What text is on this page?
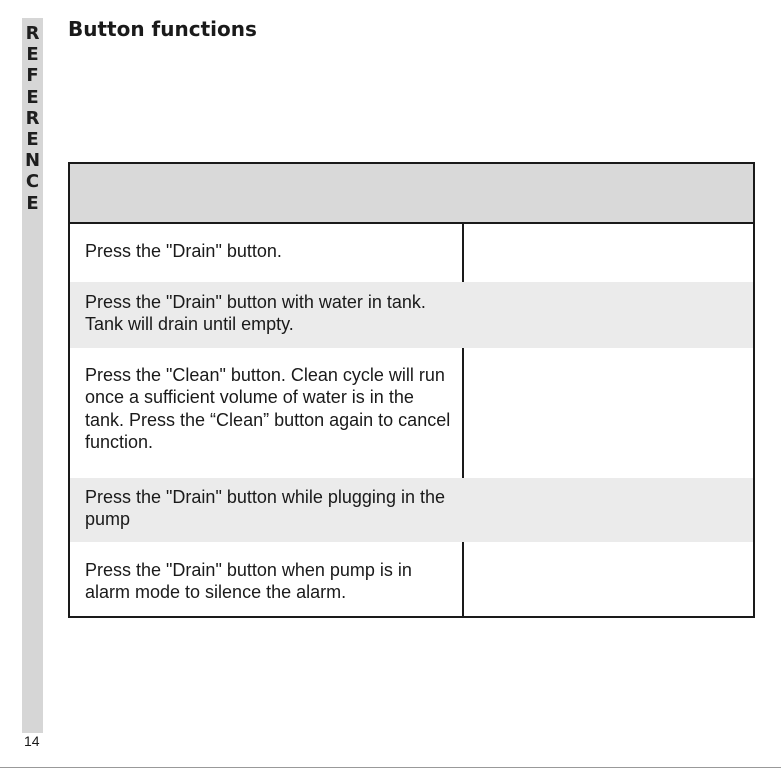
R
E
F
E
R
E
N
C
E
Button functions

Press the "Drain" button.

Press the "Drain" button with water in tank. Tank will drain until empty.

Press the "Clean" button. Clean cycle will run once a sufficient volume of water is in the tank. Press the “Clean” button again to cancel function.

Press the "Drain" button while plugging in the pump

Press the "Drain" button when pump is in alarm mode to silence the alarm.

14
